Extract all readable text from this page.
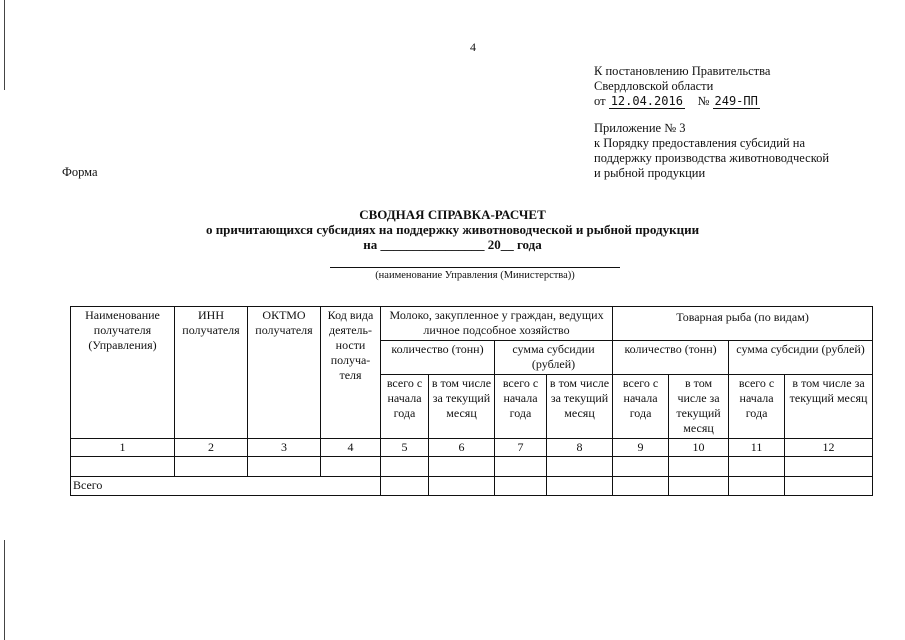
4
К постановлению Правительства
Свердловской области
от 12.04.2016 № 249-ПП
Приложение № 3
к Порядку предоставления субсидий на
поддержку производства животноводческой
и рыбной продукции
Форма
СВОДНАЯ СПРАВКА-РАСЧЕТ
о причитающихся субсидиях на поддержку животноводческой и рыбной продукции
на ________________ 20__ года
(наименование Управления (Министерства))
Наименование получателя (Управления)	ИНН получателя	ОКТМО получателя	Код вида деятель-ности получа-теля	Молоко, закупленное у граждан, ведущих личное подсобное хозяйство				Товарная рыба (по видам)			
				количество (тонн)		сумма субсидии (рублей)		количество (тонн)		сумма субсидии (рублей)	
				всего с начала года	в том числе за текущий месяц	всего с начала года	в том числе за текущий месяц	всего с начала года	в том числе за текущий месяц	всего с начала года	в том числе за текущий месяц
1	2	3	4	5	6	7	8	9	10	11	12

Всего											
